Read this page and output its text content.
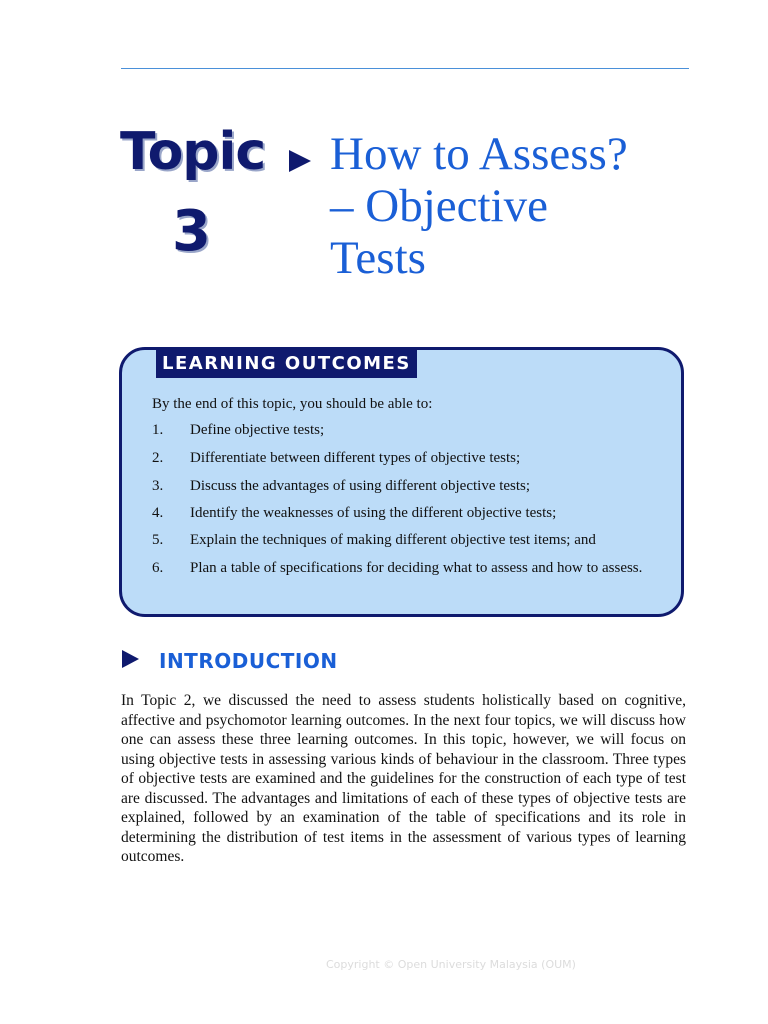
Topic
3
How to Assess?
– Objective
Tests
LEARNING OUTCOMES
By the end of this topic, you should be able to:
1. Define objective tests;
2. Differentiate between different types of objective tests;
3. Discuss the advantages of using different objective tests;
4. Identify the weaknesses of using the different objective tests;
5. Explain the techniques of making different objective test items; and
6. Plan a table of specifications for deciding what to assess and how to assess.
INTRODUCTION

In Topic 2, we discussed the need to assess students holistically based on cognitive, affective and psychomotor learning outcomes. In the next four topics, we will discuss how one can assess these three learning outcomes. In this topic, however, we will focus on using objective tests in assessing various kinds of behaviour in the classroom. Three types of objective tests are examined and the guidelines for the construction of each type of test are discussed. The advantages and limitations of each of these types of objective tests are explained, followed by an examination of the table of specifications and its role in determining the distribution of test items in the assessment of various types of learning outcomes.

Copyright © Open University Malaysia (OUM)
